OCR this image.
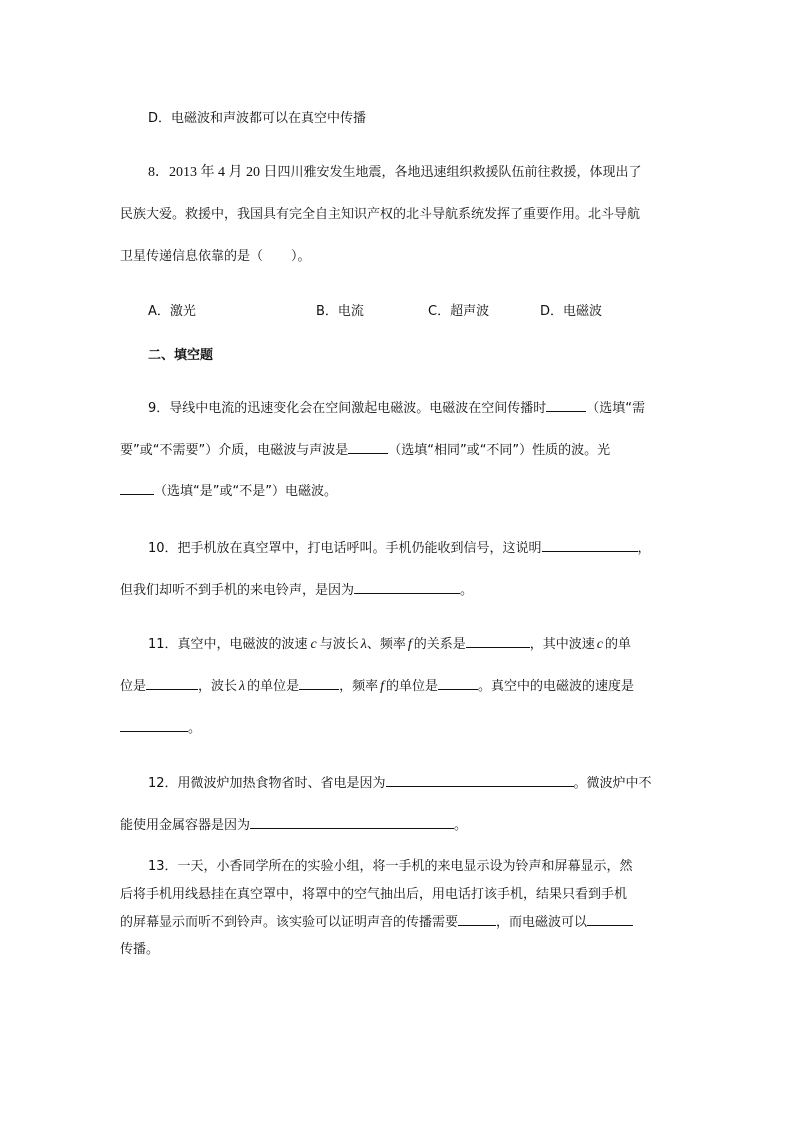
D．电磁波和声波都可以在真空中传播
8．2013 年 4 月 20 日四川雅安发生地震，各地迅速组织救援队伍前往救援，体现出了
民族大爱。救援中，我国具有完全自主知识产权的北斗导航系统发挥了重要作用。北斗导航
卫星传递信息依靠的是（ ）。
A．激光	B．电流	C．超声波	D．电磁波
二、填空题
9．导线中电流的迅速变化会在空间激起电磁波。电磁波在空间传播时	（选填“需
要”或“不需要”）介质，电磁波与声波是	（选填“相同”或“不同”）性质的波。光
（选填“是”或“不是”）电磁波。
10．把手机放在真空罩中，打电话呼叫。手机仍能收到信号，这说明	，
但我们却听不到手机的来电铃声，是因为	。
11．真空中，电磁波的波速 c 与波长 λ、频率 f 的关系是	，其中波速 c 的单
位是	，波长 λ 的单位是	，频率 f 的单位是	。真空中的电磁波的速度是
。
12．用微波炉加热食物省时、省电是因为	。微波炉中不
能使用金属容器是因为	。
13．一天，小香同学所在的实验小组，将一手机的来电显示设为铃声和屏幕显示，然
后将手机用线悬挂在真空罩中，将罩中的空气抽出后，用电话打该手机，结果只看到手机
的屏幕显示而听不到铃声。该实验可以证明声音的传播需要	，而电磁波可以
传播。
